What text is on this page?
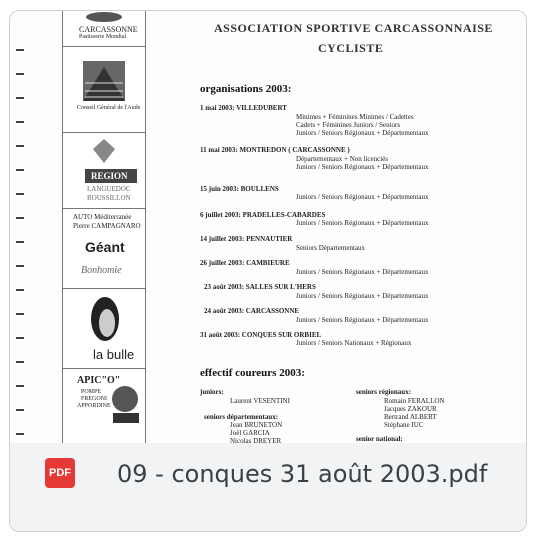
CARCASSONNE
Pastisserie Mondial
Conseil Général de l'Aude
REGION
LANGUEDOC
ROUSSILLON
AUTO Méditerranée
Pierre CAMPAGNARO
Géant
Bonhomie
la bulle
APIC"O"
POMPE
FREGONI
APPORDINE
ASSOCIATION SPORTIVE CARCASSONNAISE
CYCLISTE
organisations 2003:
1 mai 2003: VILLEDUBERT
Minimes + Féminines Minimes / Cadettes
Cadets + Féminines Juniors / Seniors
Juniors / Seniors Régionaux + Départementaux
11 mai 2003: MONTREDON ( CARCASSONNE )
Départementaux + Non licenciés
Juniors / Seniors Régionaux + Départementaux
15 juin 2003: BOULLENS
Juniors / Seniors Régionaux + Départementaux
6 juillet 2003: PRADELLES-CABARDES
Juniors / Seniors Régionaux + Départementaux
14 juillet 2003: PENNAUTIER
Seniors Départementaux
26 juillet 2003: CAMBIEURE
Juniors / Seniors Régionaux + Départementaux
23 août 2003: SALLES SUR L'HERS
Juniors / Seniors Régionaux + Départementaux
24 août 2003: CARCASSONNE
Juniors / Seniors Régionaux + Départementaux
31 août 2003: CONQUES SUR ORBIEL
Juniors / Seniors Nationaux + Régionaux
effectif coureurs 2003:
juniors:
Laurent VESENTINI
seniors départementaux:
Jean BRUNETON
Joël GARCIA
Nicolas DREYER
seniors régionaux:
Romain FERALLON
Jacques ZAKOUR
Bertrand ALBERT
Stéphane IUC
senior national:
PDF 09 - conques 31 août 2003.pdf
